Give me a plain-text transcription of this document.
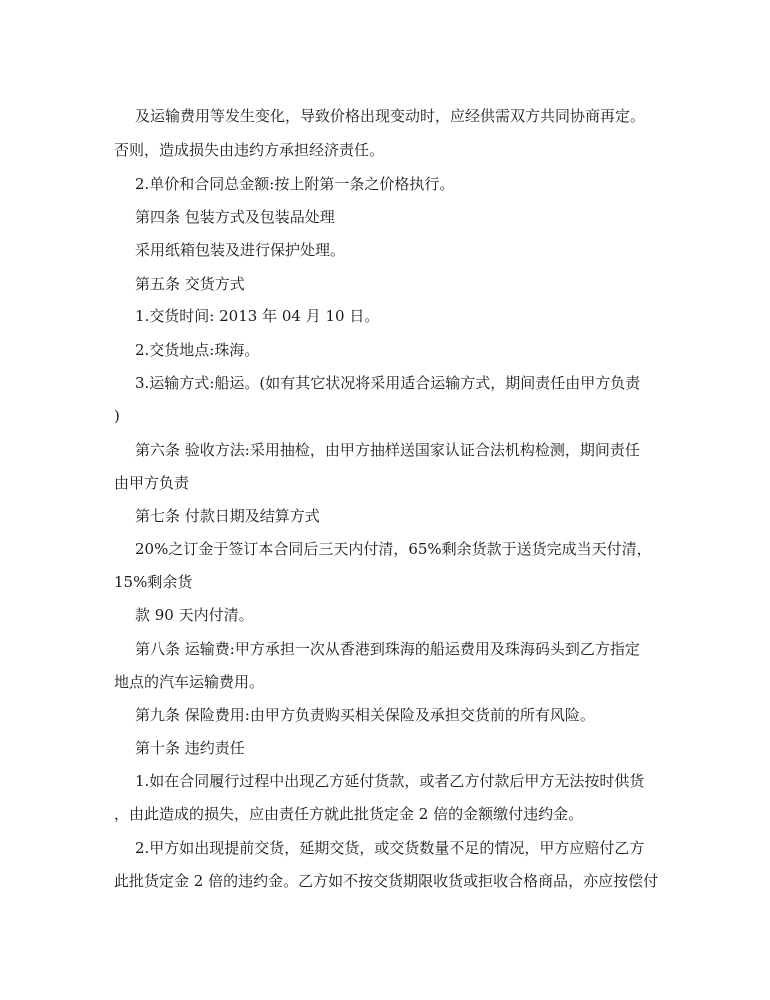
及运输费用等发生变化，导致价格出现变动时，应经供需双方共同协商再定。
否则，造成损失由违约方承担经济责任。
2.单价和合同总金额:按上附第一条之价格执行。
第四条 包装方式及包装品处理
采用纸箱包装及进行保护处理。
第五条 交货方式
1.交货时间: 2013 年 04 月 10 日。
2.交货地点:珠海。
3.运输方式:船运。(如有其它状况将采用适合运输方式，期间责任由甲方负责
)
第六条 验收方法:采用抽检，由甲方抽样送国家认证合法机构检测，期间责任
由甲方负责
第七条 付款日期及结算方式
20%之订金于签订本合同后三天内付清，65%剩余货款于送货完成当天付清，
15%剩余货
款 90 天内付清。
第八条 运输费:甲方承担一次从香港到珠海的船运费用及珠海码头到乙方指定
地点的汽车运输费用。
第九条 保险费用:由甲方负责购买相关保险及承担交货前的所有风险。
第十条 违约责任
1.如在合同履行过程中出现乙方延付货款，或者乙方付款后甲方无法按时供货
，由此造成的损失，应由责任方就此批货定金 2 倍的金额缴付违约金。
2.甲方如出现提前交货，延期交货，或交货数量不足的情况，甲方应赔付乙方
此批货定金 2 倍的违约金。乙方如不按交货期限收货或拒收合格商品，亦应按偿付
